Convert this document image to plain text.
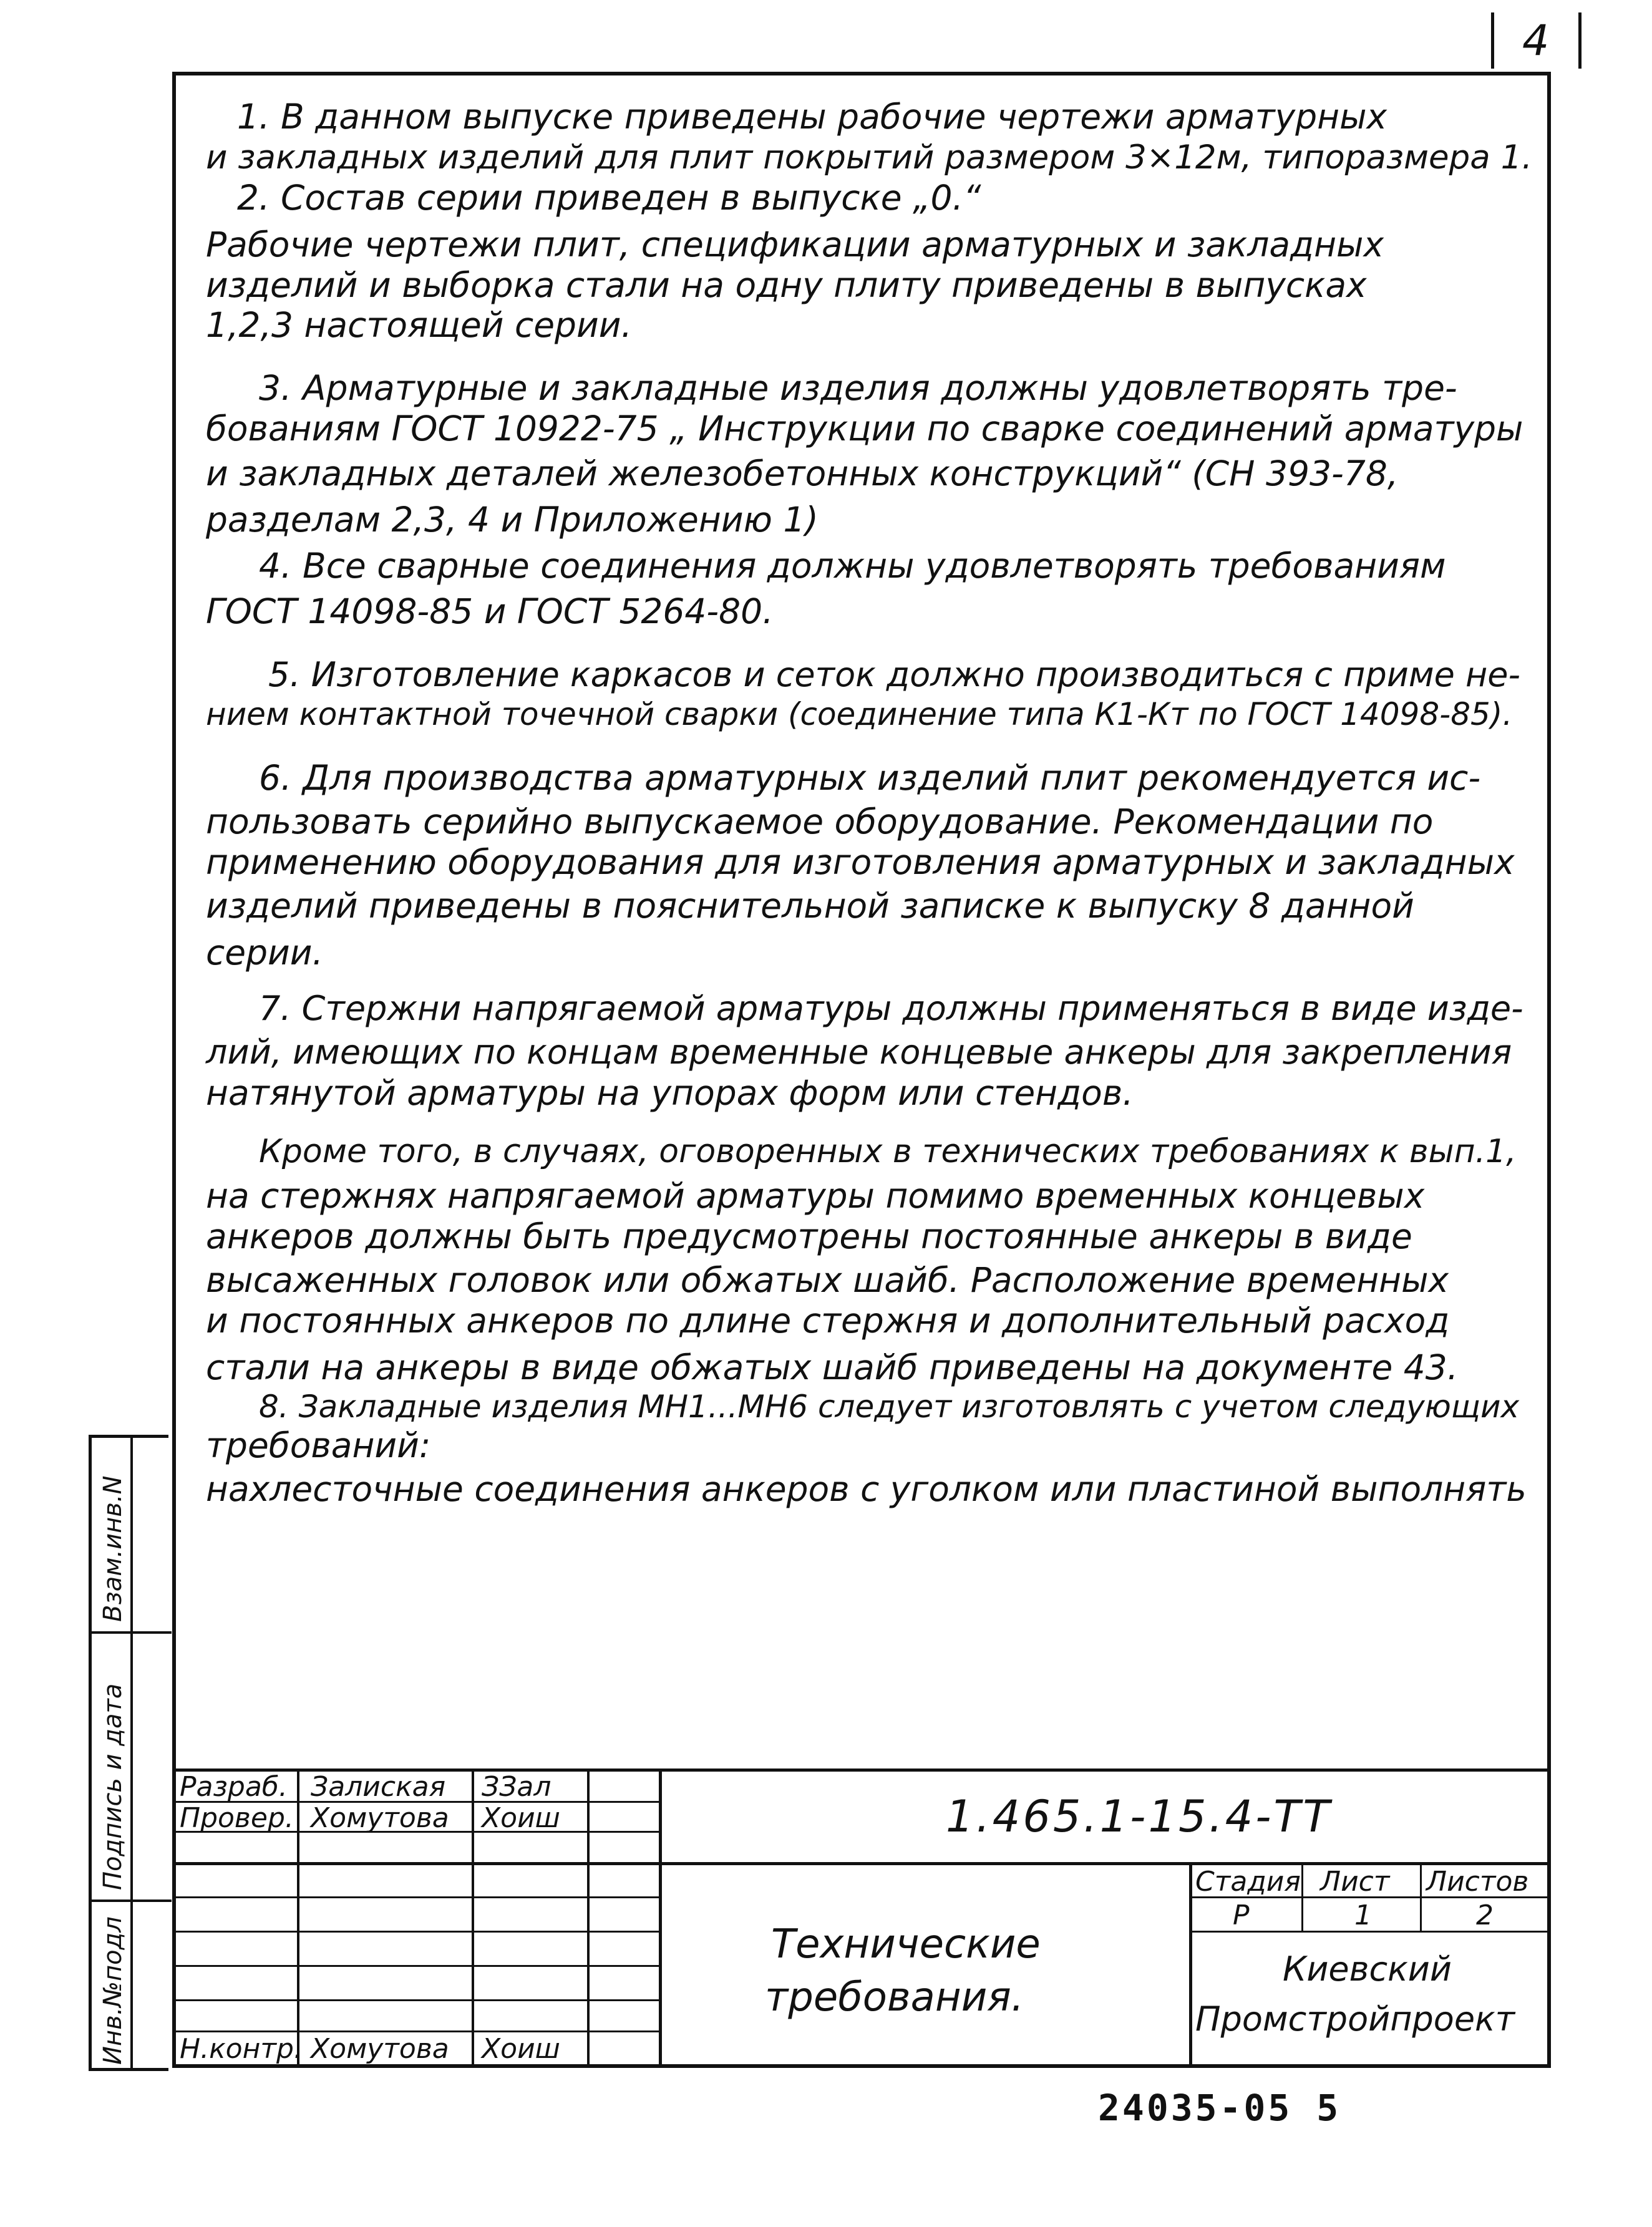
4
1. В данном выпуске приведены рабочие чертежи арматурных
и закладных изделий для плит покрытий размером 3×12м, типоразмера 1.
2. Состав серии приведен в выпуске „0.“
Рабочие чертежи плит, спецификации арматурных и закладных
изделий и выборка стали на одну плиту приведены в выпусках
1,2,3 настоящей серии.
3. Арматурные и закладные изделия должны удовлетворять тре-
бованиям ГОСТ 10922-75 „ Инструкции по сварке соединений арматуры
и закладных деталей железобетонных конструкций“ (СН 393-78,
разделам 2,3, 4 и Приложению 1)
4. Все сварные соединения должны удовлетворять требованиям
ГОСТ 14098-85 и ГОСТ 5264-80.
5. Изготовление каркасов и сеток должно производиться с приме не-
нием контактной точечной сварки (соединение типа К1-Кт по ГОСТ 14098-85).
6. Для производства арматурных изделий плит рекомендуется ис-
пользовать серийно выпускаемое оборудование. Рекомендации по
применению оборудования для изготовления арматурных и закладных
изделий приведены в пояснительной записке к выпуску 8 данной
серии.
7. Стержни напрягаемой арматуры должны применяться в виде изде-
лий, имеющих по концам временные концевые анкеры для закрепления
натянутой арматуры на упорах форм или стендов.
Кроме того, в случаях, оговоренных в технических требованиях к вып.1,
на стержнях напрягаемой арматуры помимо временных концевых
анкеров должны быть предусмотрены постоянные анкеры в виде
высаженных головок или обжатых шайб. Расположение временных
и постоянных анкеров по длине стержня и дополнительный расход
стали на анкеры в виде обжатых шайб приведены на документе 43.
8. Закладные изделия МН1...МН6 следует изготовлять с учетом следующих
требований:
нахлесточные соединения анкеров с уголком или пластиной выполнять
Взам.инв.N
Подпись и дата
Инв.№подл
Разраб. Залиская ЗЗал
Провер. Хомутова Хоиш
Н.контр. Хомутова Хоиш
1.465.1-15.4-ТТ
Технические
требования.
Стадия Лист Листов
Р	1	2
Киевский
Промстройпроект
24035-05 5
